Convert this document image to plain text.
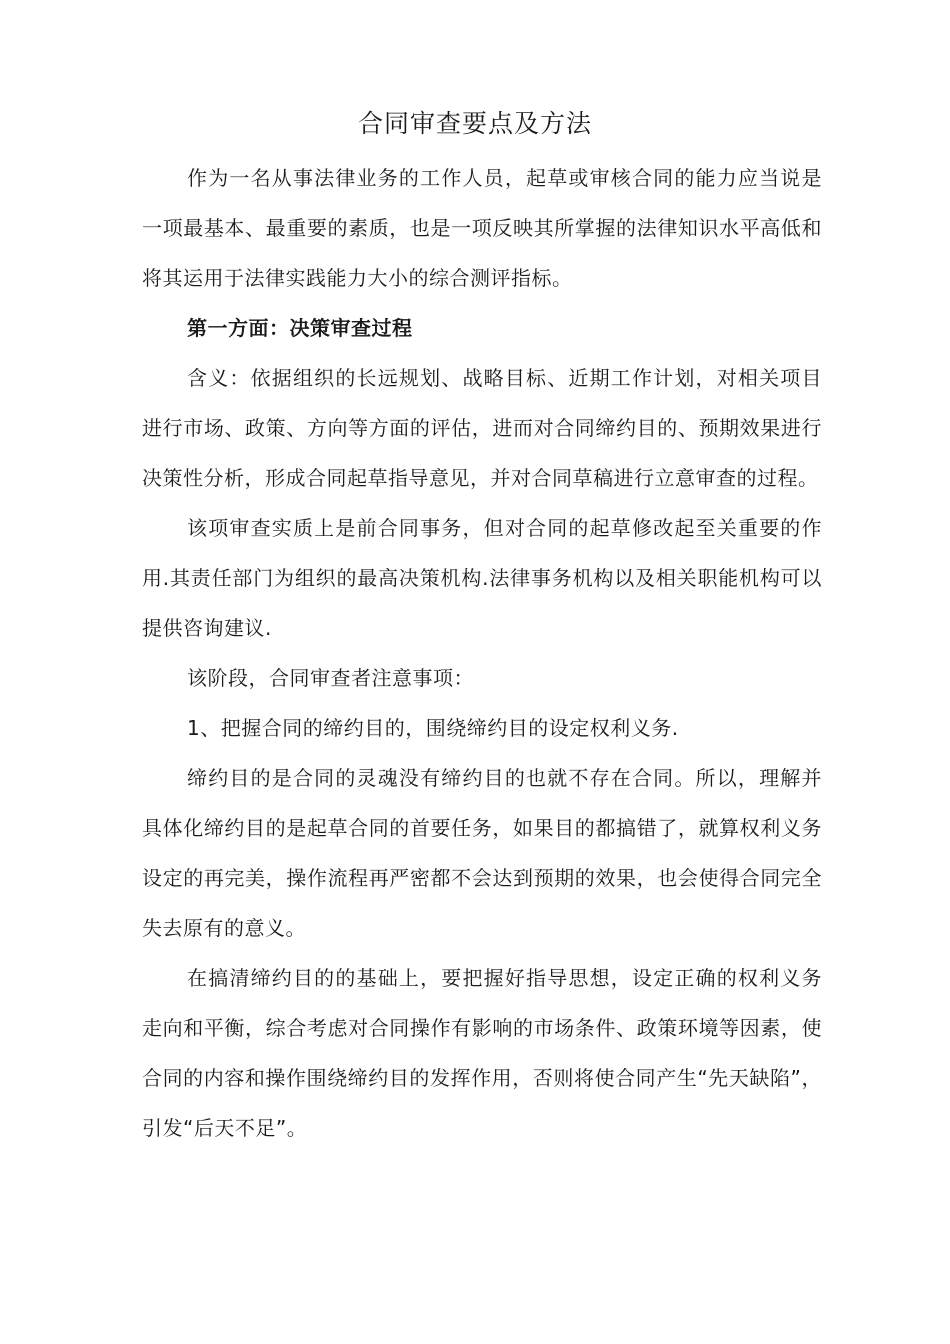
合同审查要点及方法

作为一名从事法律业务的工作人员，起草或审核合同的能力应当说是一项最基本、最重要的素质，也是一项反映其所掌握的法律知识水平高低和将其运用于法律实践能力大小的综合测评指标。

第一方面：决策审查过程

含义：依据组织的长远规划、战略目标、近期工作计划，对相关项目进行市场、政策、方向等方面的评估，进而对合同缔约目的、预期效果进行决策性分析，形成合同起草指导意见，并对合同草稿进行立意审查的过程。

该项审查实质上是前合同事务，但对合同的起草修改起至关重要的作用.其责任部门为组织的最高决策机构.法律事务机构以及相关职能机构可以提供咨询建议.

该阶段，合同审查者注意事项：

1、把握合同的缔约目的，围绕缔约目的设定权利义务.

缔约目的是合同的灵魂没有缔约目的也就不存在合同。所以，理解并具体化缔约目的是起草合同的首要任务，如果目的都搞错了，就算权利义务设定的再完美，操作流程再严密都不会达到预期的效果，也会使得合同完全失去原有的意义。

在搞清缔约目的的基础上，要把握好指导思想，设定正确的权利义务走向和平衡，综合考虑对合同操作有影响的市场条件、政策环境等因素，使合同的内容和操作围绕缔约目的发挥作用，否则将使合同产生“先天缺陷”，引发“后天不足”。
